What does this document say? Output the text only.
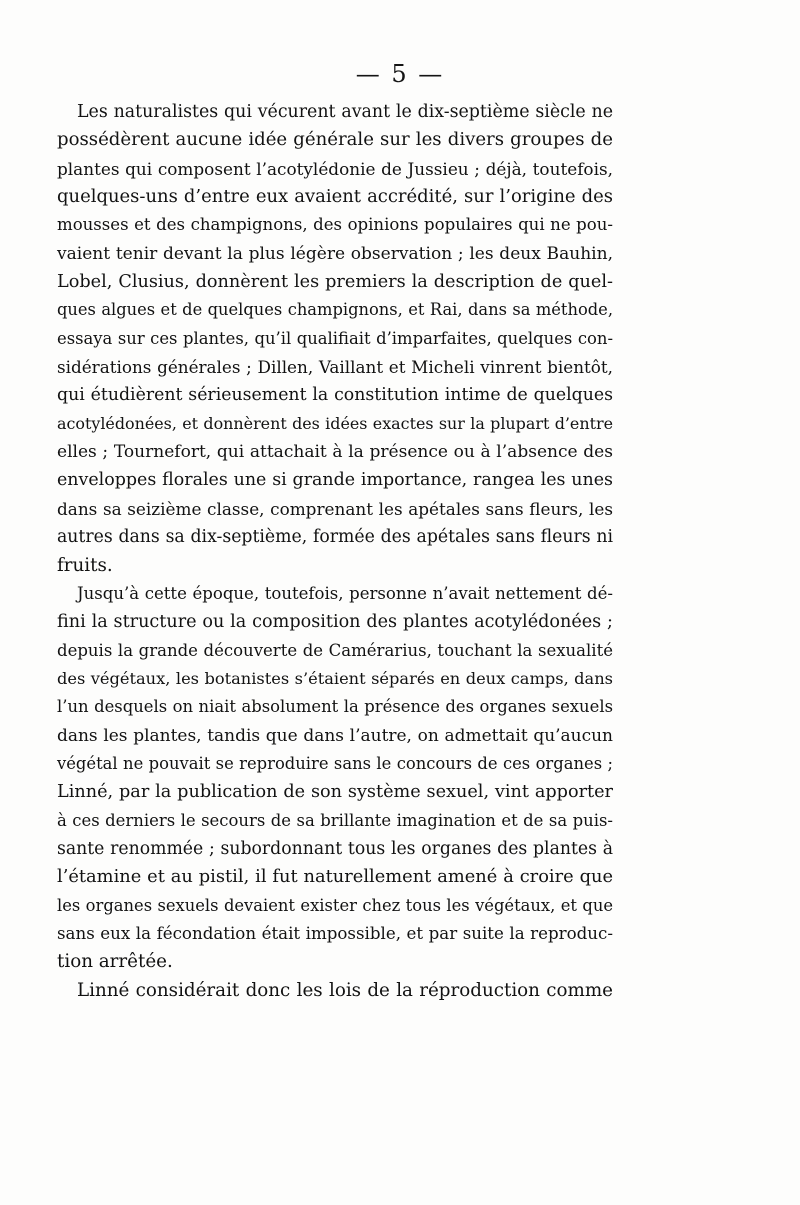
— 5 —
Les naturalistes qui vécurent avant le dix-septième siècle ne
possédèrent aucune idée générale sur les divers groupes de
plantes qui composent l’acotylédonie de Jussieu ; déjà, toutefois,
quelques-uns d’entre eux avaient accrédité, sur l’origine des
mousses et des champignons, des opinions populaires qui ne pou-
vaient tenir devant la plus légère observation ; les deux Bauhin,
Lobel, Clusius, donnèrent les premiers la description de quel-
ques algues et de quelques champignons, et Rai, dans sa méthode,
essaya sur ces plantes, qu’il qualifiait d’imparfaites, quelques con-
sidérations générales ; Dillen, Vaillant et Micheli vinrent bientôt,
qui étudièrent sérieusement la constitution intime de quelques
acotylédonées, et donnèrent des idées exactes sur la plupart d’entre
elles ; Tournefort, qui attachait à la présence ou à l’absence des
enveloppes florales une si grande importance, rangea les unes
dans sa seizième classe, comprenant les apétales sans fleurs, les
autres dans sa dix-septième, formée des apétales sans fleurs ni
fruits.
Jusqu’à cette époque, toutefois, personne n’avait nettement dé-
fini la structure ou la composition des plantes acotylédonées ;
depuis la grande découverte de Camérarius, touchant la sexualité
des végétaux, les botanistes s’étaient séparés en deux camps, dans
l’un desquels on niait absolument la présence des organes sexuels
dans les plantes, tandis que dans l’autre, on admettait qu’aucun
végétal ne pouvait se reproduire sans le concours de ces organes ;
Linné, par la publication de son système sexuel, vint apporter
à ces derniers le secours de sa brillante imagination et de sa puis-
sante renommée ; subordonnant tous les organes des plantes à
l’étamine et au pistil, il fut naturellement amené à croire que
les organes sexuels devaient exister chez tous les végétaux, et que
sans eux la fécondation était impossible, et par suite la reproduc-
tion arrêtée.
Linné considérait donc les lois de la réproduction comme
